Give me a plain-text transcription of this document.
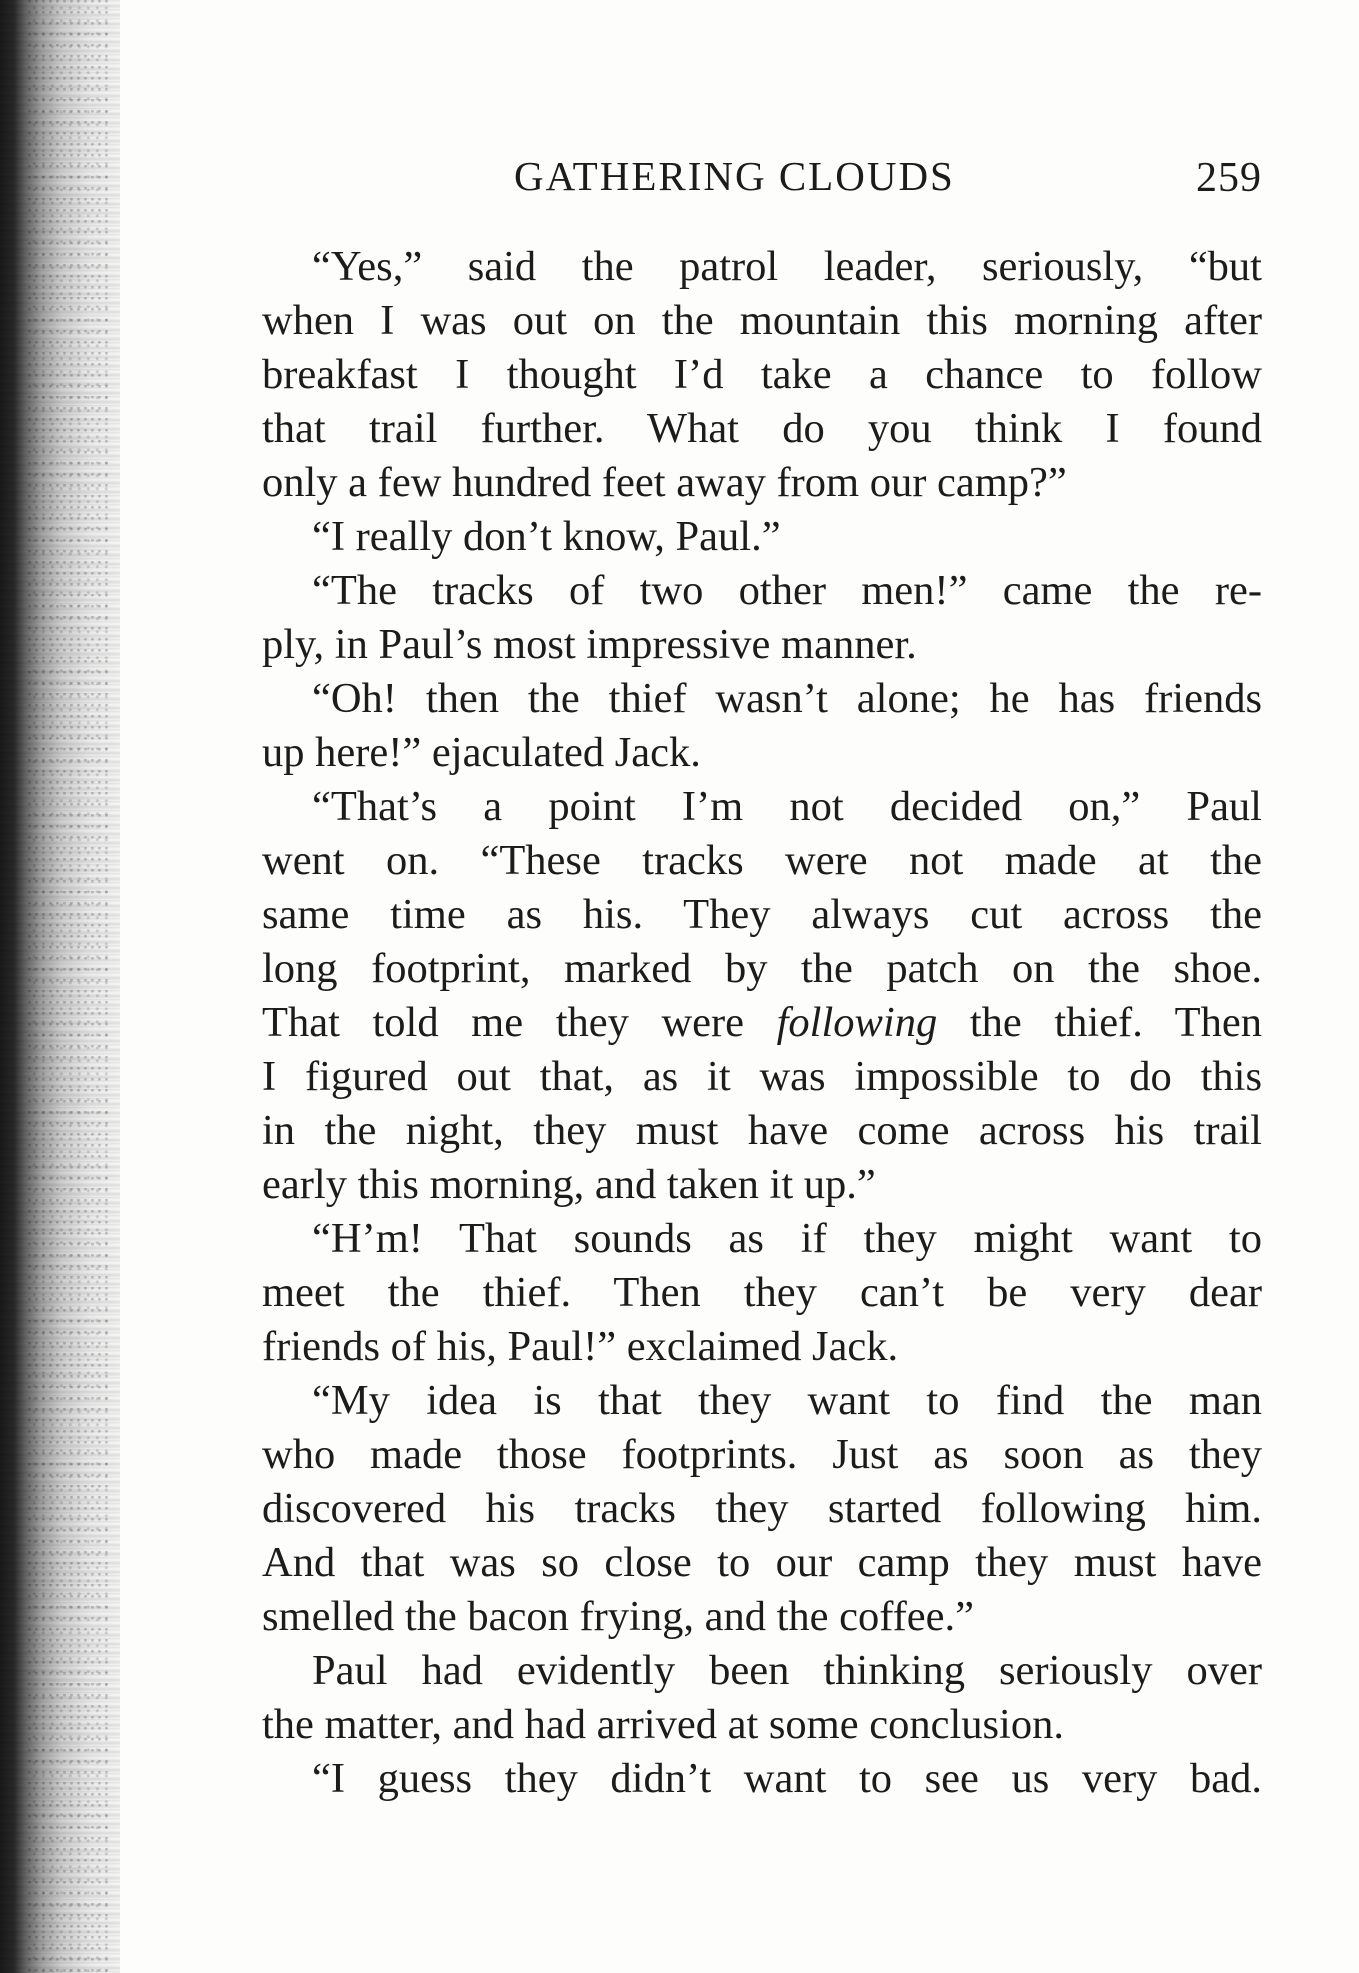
GATHERING CLOUDS	259
“Yes,” said the patrol leader, seriously, “but
when I was out on the mountain this morning after
breakfast I thought I’d take a chance to follow
that trail further. What do you think I found
only a few hundred feet away from our camp?”
“I really don’t know, Paul.”
“The tracks of two other men!” came the re-
ply, in Paul’s most impressive manner.
“Oh! then the thief wasn’t alone; he has friends
up here!” ejaculated Jack.
“That’s a point I’m not decided on,” Paul
went on. “These tracks were not made at the
same time as his. They always cut across the
long footprint, marked by the patch on the shoe.
That told me they were following the thief. Then
I figured out that, as it was impossible to do this
in the night, they must have come across his trail
early this morning, and taken it up.”
“H’m! That sounds as if they might want to
meet the thief. Then they can’t be very dear
friends of his, Paul!” exclaimed Jack.
“My idea is that they want to find the man
who made those footprints. Just as soon as they
discovered his tracks they started following him.
And that was so close to our camp they must have
smelled the bacon frying, and the coffee.”
Paul had evidently been thinking seriously over
the matter, and had arrived at some conclusion.
“I guess they didn’t want to see us very bad.
